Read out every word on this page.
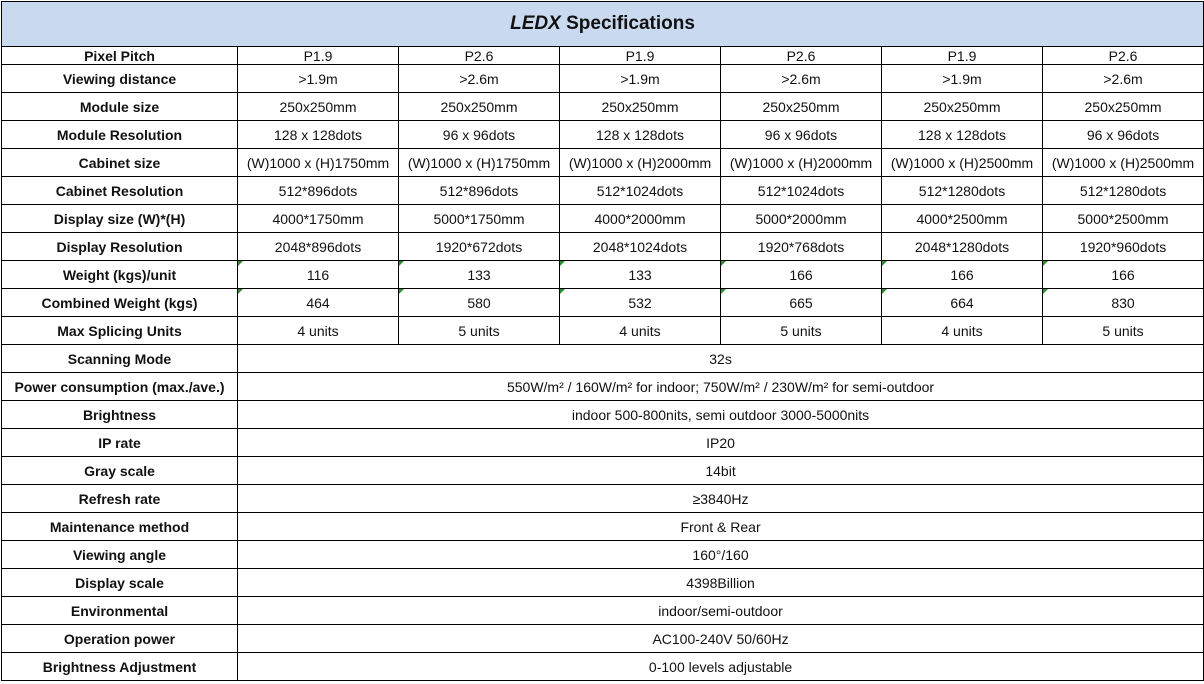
LEDX Specifications						
Pixel Pitch	P1.9	P2.6	P1.9	P2.6	P1.9	P2.6
Viewing distance	>1.9m	>2.6m	>1.9m	>2.6m	>1.9m	>2.6m
Module size	250x250mm	250x250mm	250x250mm	250x250mm	250x250mm	250x250mm
Module Resolution	128 x 128dots	96 x 96dots	128 x 128dots	96 x 96dots	128 x 128dots	96 x 96dots
Cabinet size	(W)1000 x (H)1750mm	(W)1000 x (H)1750mm	(W)1000 x (H)2000mm	(W)1000 x (H)2000mm	(W)1000 x (H)2500mm	(W)1000 x (H)2500mm
Cabinet Resolution	512*896dots	512*896dots	512*1024dots	512*1024dots	512*1280dots	512*1280dots
Display size (W)*(H)	4000*1750mm	5000*1750mm	4000*2000mm	5000*2000mm	4000*2500mm	5000*2500mm
Display Resolution	2048*896dots	1920*672dots	2048*1024dots	1920*768dots	2048*1280dots	1920*960dots
Weight (kgs)/unit	116	133	133	166	166	166
Combined Weight (kgs)	464	580	532	665	664	830
Max Splicing Units	4 units	5 units	4 units	5 units	4 units	5 units
Scanning Mode	32s					
Power consumption (max./ave.)	550W/m² / 160W/m² for indoor; 750W/m² / 230W/m² for semi-outdoor					
Brightness	indoor 500-800nits, semi outdoor 3000-5000nits					
IP rate	IP20					
Gray scale	14bit					
Refresh rate	≥3840Hz					
Maintenance method	Front & Rear					
Viewing angle	160°/160					
Display scale	4398Billion					
Environmental	indoor/semi-outdoor					
Operation power	AC100-240V 50/60Hz					
Brightness Adjustment	0-100 levels adjustable					
